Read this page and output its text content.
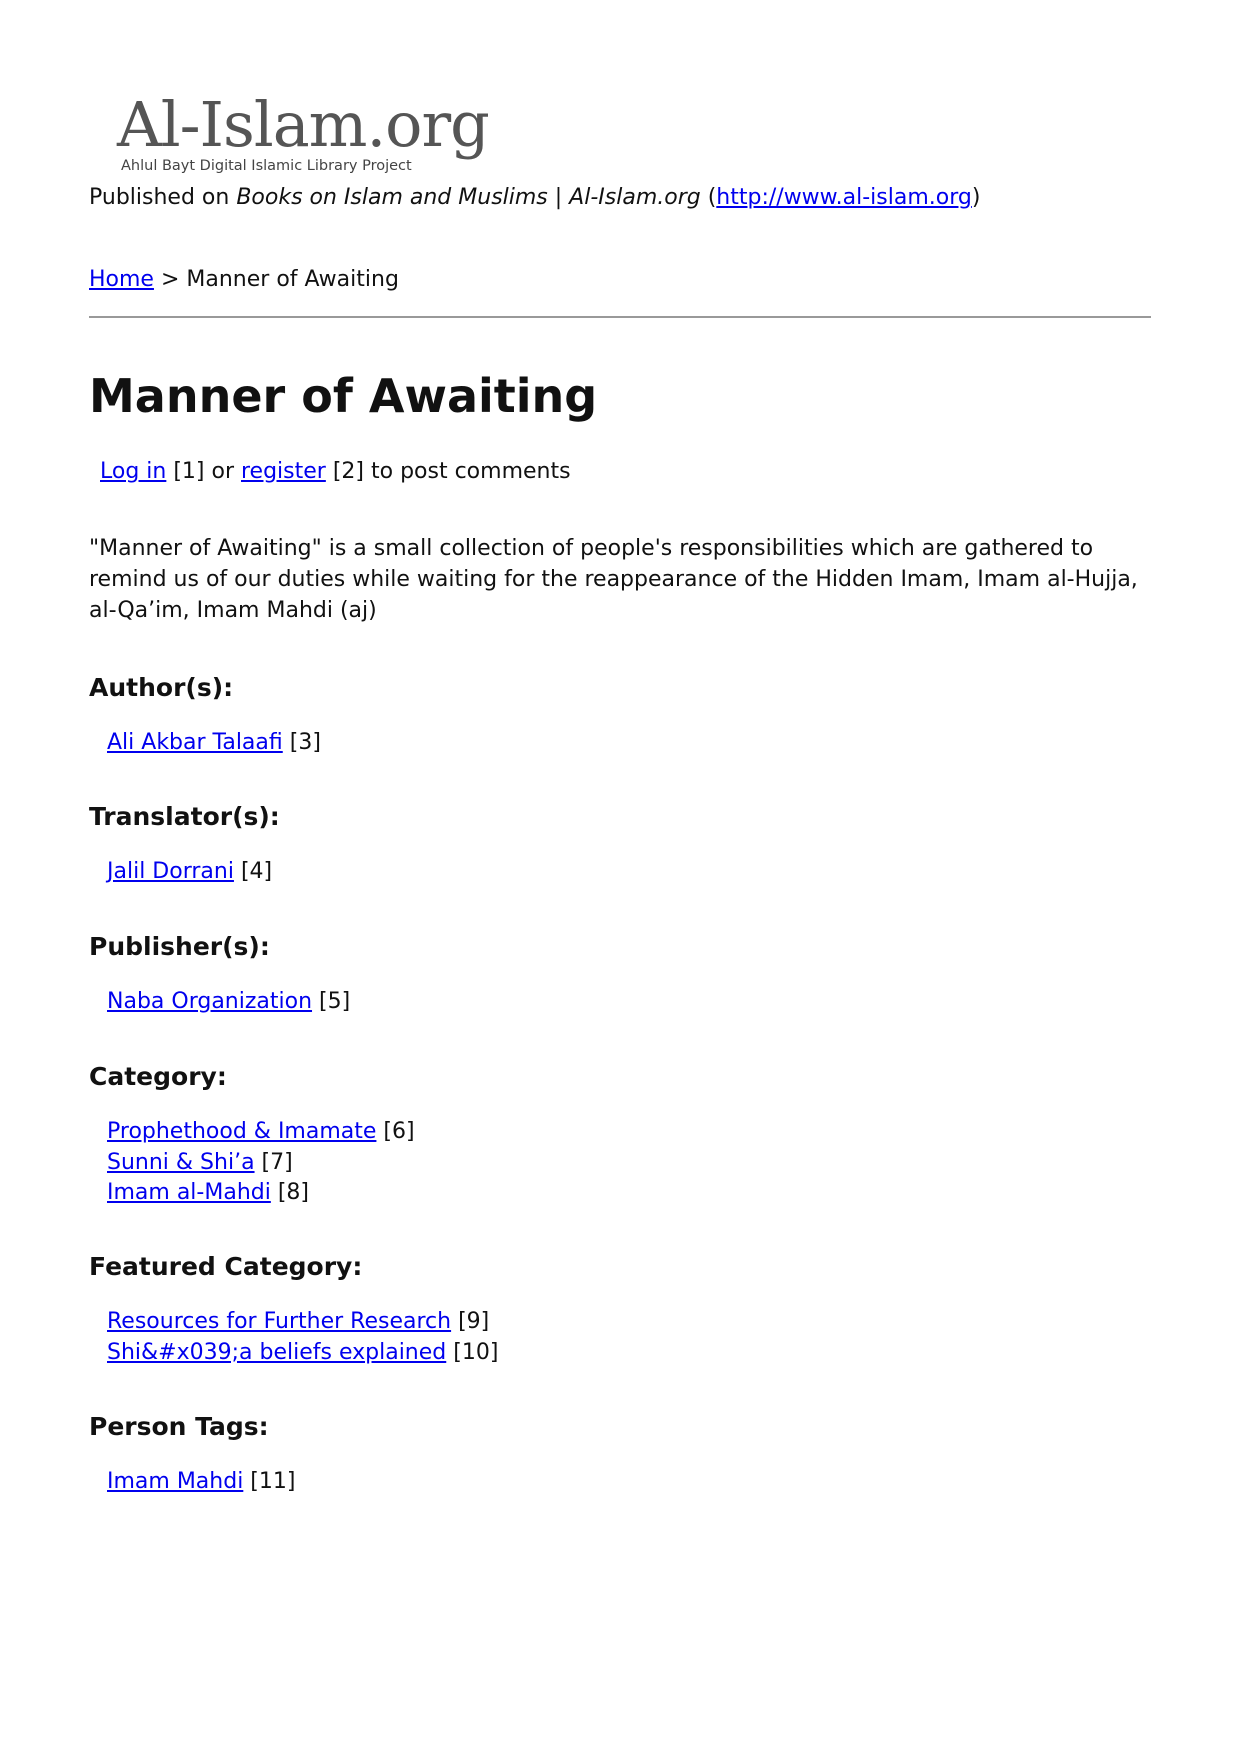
Al-Islam.org
Ahlul Bayt Digital Islamic Library Project
Published on Books on Islam and Muslims | Al-Islam.org (http://www.al-islam.org)
Home > Manner of Awaiting
Manner of Awaiting
Log in [1] or register [2] to post comments
"Manner of Awaiting" is a small collection of people's responsibilities which are gathered to remind us of our duties while waiting for the reappearance of the Hidden Imam, Imam al-Hujja, al-Qa’im, Imam Mahdi (aj)
Author(s):
Ali Akbar Talaafi [3]
Translator(s):
Jalil Dorrani [4]
Publisher(s):
Naba Organization [5]
Category:
Prophethood & Imamate [6]
Sunni & Shi’a [7]
Imam al-Mahdi [8]
Featured Category:
Resources for Further Research [9]
Shi&#x039;a beliefs explained [10]
Person Tags:
Imam Mahdi [11]
